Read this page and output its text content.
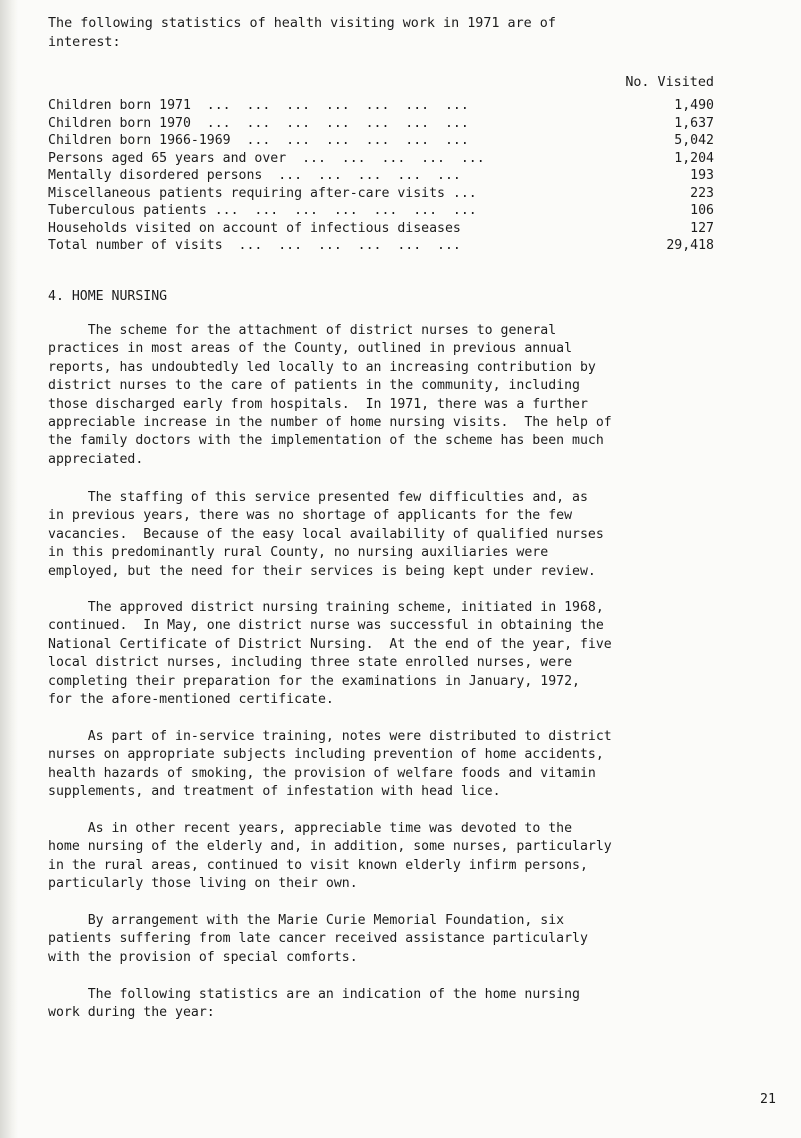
The following statistics of health visiting work in 1971 are of
interest:
No. Visited
Children born 1971  ...  ...  ...  ...  ...  ...  ...	1,490
Children born 1970  ...  ...  ...  ...  ...  ...  ...	1,637
Children born 1966-1969  ...  ...  ...  ...  ...  ...	5,042
Persons aged 65 years and over  ...  ...  ...  ...  ...	1,204
Mentally disordered persons  ...  ...  ...  ...  ...	193
Miscellaneous patients requiring after-care visits ...	223
Tuberculous patients ...  ...  ...  ...  ...  ...  ...	106
Households visited on account of infectious diseases	127
Total number of visits  ...  ...  ...  ...  ...  ...	29,418
4. HOME NURSING
The scheme for the attachment of district nurses to general
practices in most areas of the County, outlined in previous annual
reports, has undoubtedly led locally to an increasing contribution by
district nurses to the care of patients in the community, including
those discharged early from hospitals.  In 1971, there was a further
appreciable increase in the number of home nursing visits.  The help of
the family doctors with the implementation of the scheme has been much
appreciated.
The staffing of this service presented few difficulties and, as
in previous years, there was no shortage of applicants for the few
vacancies.  Because of the easy local availability of qualified nurses
in this predominantly rural County, no nursing auxiliaries were
employed, but the need for their services is being kept under review.
The approved district nursing training scheme, initiated in 1968,
continued.  In May, one district nurse was successful in obtaining the
National Certificate of District Nursing.  At the end of the year, five
local district nurses, including three state enrolled nurses, were
completing their preparation for the examinations in January, 1972,
for the afore-mentioned certificate.
As part of in-service training, notes were distributed to district
nurses on appropriate subjects including prevention of home accidents,
health hazards of smoking, the provision of welfare foods and vitamin
supplements, and treatment of infestation with head lice.
As in other recent years, appreciable time was devoted to the
home nursing of the elderly and, in addition, some nurses, particularly
in the rural areas, continued to visit known elderly infirm persons,
particularly those living on their own.
By arrangement with the Marie Curie Memorial Foundation, six
patients suffering from late cancer received assistance particularly
with the provision of special comforts.
The following statistics are an indication of the home nursing
work during the year:
21
